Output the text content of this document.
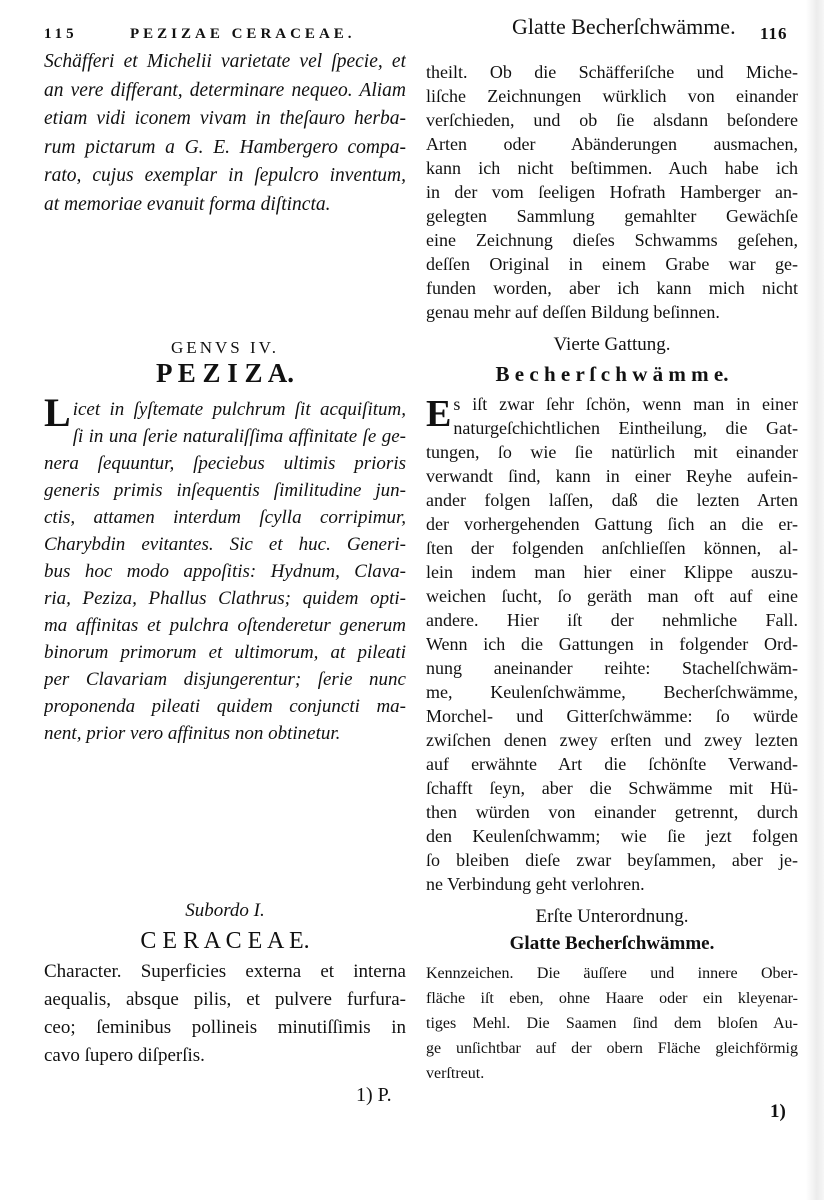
115	PEZIZAE CERACEAE.
Schäfferi et Michelii varietate vel ſpecie, et
an vere differant, determinare nequeo. Aliam
etiam vidi iconem vivam in theſauro herba-
rum pictarum a G. E. Hambergero compa-
rato, cujus exemplar in ſepulcro inventum,
at memoriae evanuit forma diſtincta.
GENVS IV.
P E Z I Z A.
L icet in ſyſtemate pulchrum ſit acquiſitum,
ſi in una ſerie naturaliſſima affinitate ſe ge-
nera ſequuntur, ſpeciebus ultimis prioris
generis primis inſequentis ſimilitudine jun-
ctis, attamen interdum ſcylla corripimur,
Charybdin evitantes. Sic et huc. Generi-
bus hoc modo appoſitis: Hydnum, Clava-
ria, Peziza, Phallus Clathrus; quidem opti-
ma affinitas et pulchra oſtenderetur generum
binorum primorum et ultimorum, at pileati
per Clavariam disjungerentur; ſerie nunc
proponenda pileati quidem conjuncti ma-
nent, prior vero affinitus non obtinetur.
Subordo I.
C E R A C E A E.
Character. Superficies externa et interna
aequalis, absque pilis, et pulvere furfura-
ceo; ſeminibus pollineis minutiſſimis in
cavo ſupero diſperſis.
1) P.
Glatte Becherſchwämme. 116
theilt. Ob die Schäfferiſche und Miche-
liſche Zeichnungen würklich von einander
verſchieden, und ob ſie alsdann beſondere
Arten oder Abänderungen ausmachen,
kann ich nicht beſtimmen. Auch habe ich
in der vom ſeeligen Hofrath Hamberger an-
gelegten Sammlung gemahlter Gewächſe
eine Zeichnung dieſes Schwamms geſehen,
deſſen Original in einem Grabe war ge-
funden worden, aber ich kann mich nicht
genau mehr auf deſſen Bildung beſinnen.
Vierte Gattung.
B e c h e r ſ c h w ä m m e.
E s iſt zwar ſehr ſchön, wenn man in einer
naturgeſchichtlichen Eintheilung, die Gat-
tungen, ſo wie ſie natürlich mit einander
verwandt ſind, kann in einer Reyhe aufein-
ander folgen laſſen, daß die lezten Arten
der vorhergehenden Gattung ſich an die er-
ſten der folgenden anſchlieſſen können, al-
lein indem man hier einer Klippe auszu-
weichen ſucht, ſo geräth man oft auf eine
andere. Hier iſt der nehmliche Fall.
Wenn ich die Gattungen in folgender Ord-
nung aneinander reihte: Stachelſchwäm-
me, Keulenſchwämme, Becherſchwämme,
Morchel- und Gitterſchwämme: ſo würde
zwiſchen denen zwey erſten und zwey lezten
auf erwähnte Art die ſchönſte Verwand-
ſchafft ſeyn, aber die Schwämme mit Hü-
then würden von einander getrennt, durch
den Keulenſchwamm; wie ſie jezt folgen
ſo bleiben dieſe zwar beyſammen, aber je-
ne Verbindung geht verlohren.
Erſte Unterordnung.
Glatte Becherſchwämme.
Kennzeichen. Die äuſſere und innere Ober-
fläche iſt eben, ohne Haare oder ein kleyenar-
tiges Mehl. Die Saamen ſind dem bloſen Au-
ge unſichtbar auf der obern Fläche gleichförmig
verſtreut.
1)
